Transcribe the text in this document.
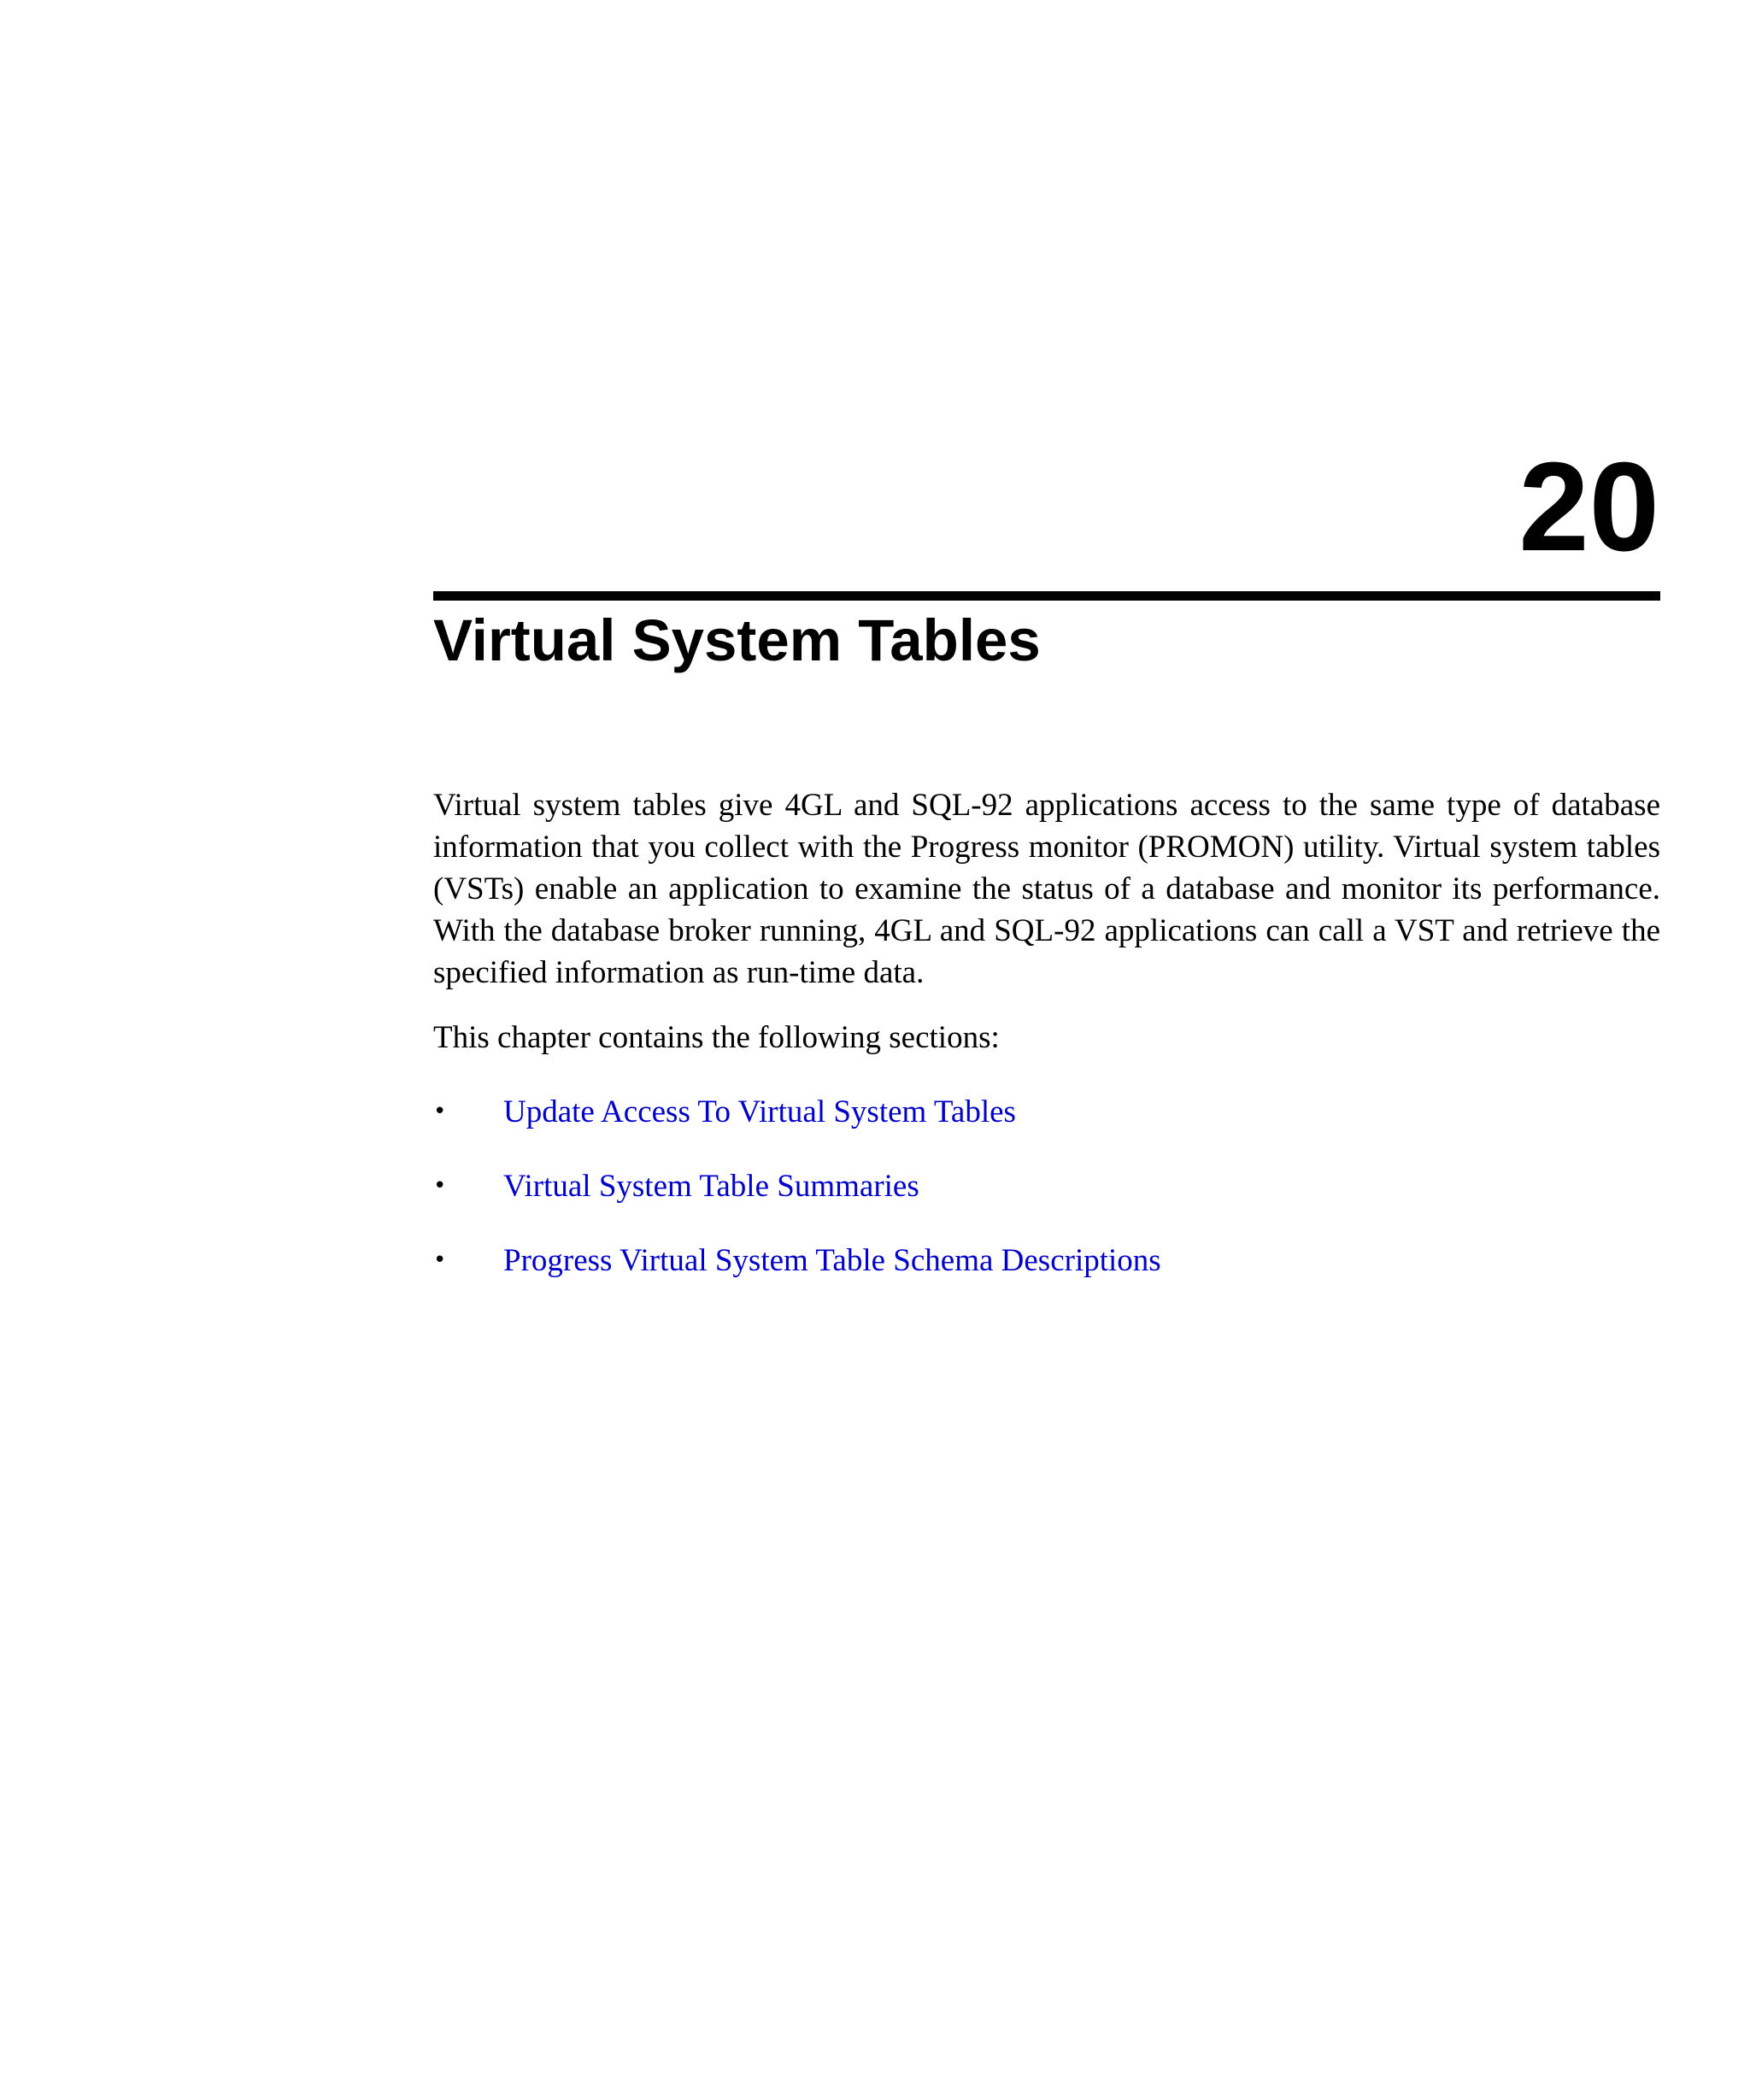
20
Virtual System Tables

Virtual system tables give 4GL and SQL-92 applications access to the same type of database information that you collect with the Progress monitor (PROMON) utility. Virtual system tables (VSTs) enable an application to examine the status of a database and monitor its performance. With the database broker running, 4GL and SQL-92 applications can call a VST and retrieve the specified information as run-time data.

This chapter contains the following sections:

•	Update Access To Virtual System Tables
•	Virtual System Table Summaries
•	Progress Virtual System Table Schema Descriptions
